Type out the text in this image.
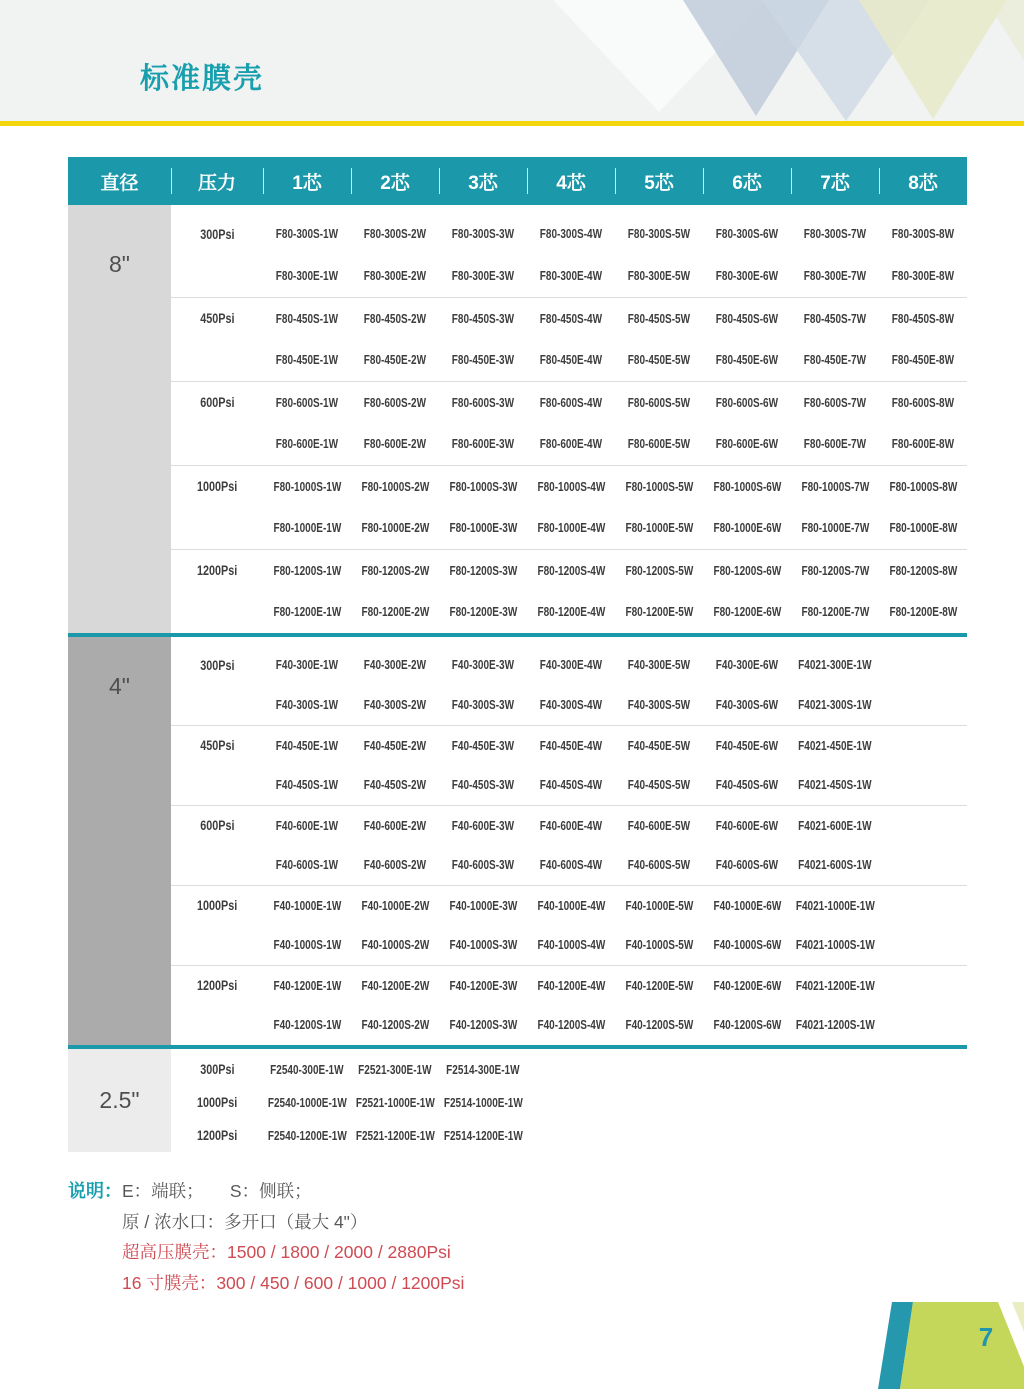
标准膜壳
直径	压力	1芯	2芯	3芯	4芯	5芯	6芯	7芯	8芯
8"
300Psi	F80-300S-1W F80-300S-2W F80-300S-3W F80-300S-4W F80-300S-5W F80-300S-6W F80-300S-7W F80-300S-8W
F80-300E-1W F80-300E-2W F80-300E-3W F80-300E-4W F80-300E-5W F80-300E-6W F80-300E-7W F80-300E-8W
450Psi	F80-450S-1W F80-450S-2W F80-450S-3W F80-450S-4W F80-450S-5W F80-450S-6W F80-450S-7W F80-450S-8W
F80-450E-1W F80-450E-2W F80-450E-3W F80-450E-4W F80-450E-5W F80-450E-6W F80-450E-7W F80-450E-8W
600Psi	F80-600S-1W F80-600S-2W F80-600S-3W F80-600S-4W F80-600S-5W F80-600S-6W F80-600S-7W F80-600S-8W
F80-600E-1W F80-600E-2W F80-600E-3W F80-600E-4W F80-600E-5W F80-600E-6W F80-600E-7W F80-600E-8W
1000Psi	F80-1000S-1W F80-1000S-2W F80-1000S-3W F80-1000S-4W F80-1000S-5W F80-1000S-6W F80-1000S-7W F80-1000S-8W
F80-1000E-1W F80-1000E-2W F80-1000E-3W F80-1000E-4W F80-1000E-5W F80-1000E-6W F80-1000E-7W F80-1000E-8W
1200Psi	F80-1200S-1W F80-1200S-2W F80-1200S-3W F80-1200S-4W F80-1200S-5W F80-1200S-6W F80-1200S-7W F80-1200S-8W
F80-1200E-1W F80-1200E-2W F80-1200E-3W F80-1200E-4W F80-1200E-5W F80-1200E-6W F80-1200E-7W F80-1200E-8W
4"
300Psi	F40-300E-1W F40-300E-2W F40-300E-3W F40-300E-4W F40-300E-5W F40-300E-6W F4021-300E-1W
F40-300S-1W F40-300S-2W F40-300S-3W F40-300S-4W F40-300S-5W F40-300S-6W F4021-300S-1W
450Psi	F40-450E-1W F40-450E-2W F40-450E-3W F40-450E-4W F40-450E-5W F40-450E-6W F4021-450E-1W
F40-450S-1W F40-450S-2W F40-450S-3W F40-450S-4W F40-450S-5W F40-450S-6W F4021-450S-1W
600Psi	F40-600E-1W F40-600E-2W F40-600E-3W F40-600E-4W F40-600E-5W F40-600E-6W F4021-600E-1W
F40-600S-1W F40-600S-2W F40-600S-3W F40-600S-4W F40-600S-5W F40-600S-6W F4021-600S-1W
1000Psi	F40-1000E-1W F40-1000E-2W F40-1000E-3W F40-1000E-4W F40-1000E-5W F40-1000E-6W F4021-1000E-1W
F40-1000S-1W F40-1000S-2W F40-1000S-3W F40-1000S-4W F40-1000S-5W F40-1000S-6W F4021-1000S-1W
1200Psi	F40-1200E-1W F40-1200E-2W F40-1200E-3W F40-1200E-4W F40-1200E-5W F40-1200E-6W F4021-1200E-1W
F40-1200S-1W F40-1200S-2W F40-1200S-3W F40-1200S-4W F40-1200S-5W F40-1200S-6W F4021-1200S-1W
2.5"
300Psi	F2540-300E-1W F2521-300E-1W F2514-300E-1W
1000Psi F2540-1000E-1W F2521-1000E-1W F2514-1000E-1W
1200Psi F2540-1200E-1W F2521-1200E-1W F2514-1200E-1W
说明： E：端联；　　S：侧联；
原 / 浓水口：多开口（最大 4"）
超高压膜壳：1500 / 1800 / 2000 / 2880Psi
16 寸膜壳：300 / 450 / 600 / 1000 / 1200Psi
7
